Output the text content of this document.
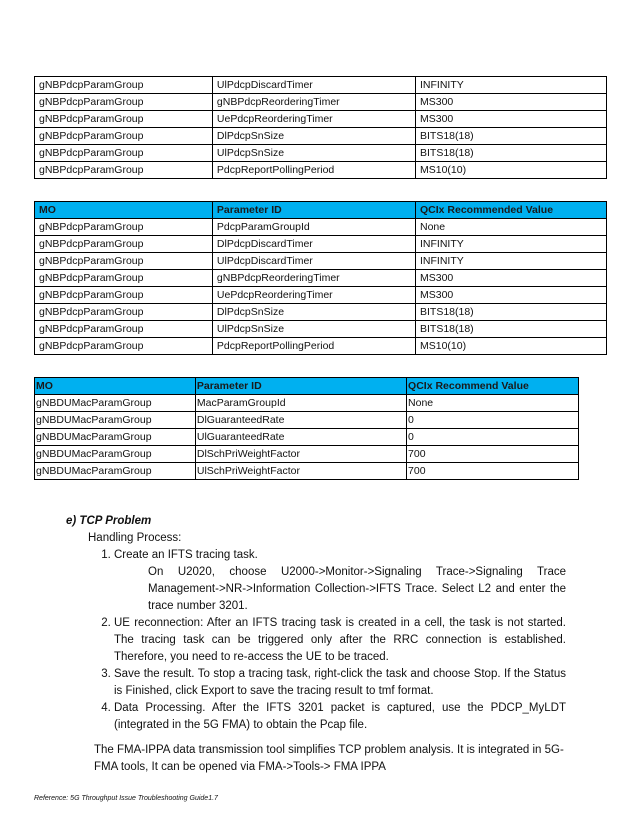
gNBPdcpParamGroup	UlPdcpDiscardTimer	INFINITY
gNBPdcpParamGroup	gNBPdcpReorderingTimer	MS300
gNBPdcpParamGroup	UePdcpReorderingTimer	MS300
gNBPdcpParamGroup	DlPdcpSnSize	BITS18(18)
gNBPdcpParamGroup	UlPdcpSnSize	BITS18(18)
gNBPdcpParamGroup	PdcpReportPollingPeriod	MS10(10)
MO	Parameter ID	QCIx Recommended Value
gNBPdcpParamGroup	PdcpParamGroupId	None
gNBPdcpParamGroup	DlPdcpDiscardTimer	INFINITY
gNBPdcpParamGroup	UlPdcpDiscardTimer	INFINITY
gNBPdcpParamGroup	gNBPdcpReorderingTimer	MS300
gNBPdcpParamGroup	UePdcpReorderingTimer	MS300
gNBPdcpParamGroup	DlPdcpSnSize	BITS18(18)
gNBPdcpParamGroup	UlPdcpSnSize	BITS18(18)
gNBPdcpParamGroup	PdcpReportPollingPeriod	MS10(10)
MO	Parameter ID	QCIx Recommend Value
gNBDUMacParamGroup	MacParamGroupId	None
gNBDUMacParamGroup	DlGuaranteedRate	0
gNBDUMacParamGroup	UlGuaranteedRate	0
gNBDUMacParamGroup	DlSchPriWeightFactor	700
gNBDUMacParamGroup	UlSchPriWeightFactor	700
e) TCP Problem
Handling Process:
1. Create an IFTS tracing task.
On U2020, choose U2000->Monitor->Signaling Trace->Signaling Trace Management->NR->Information Collection->IFTS Trace. Select L2 and enter the trace number 3201.
2. UE reconnection: After an IFTS tracing task is created in a cell, the task is not started. The tracing task can be triggered only after the RRC connection is established. Therefore, you need to re-access the UE to be traced.
3. Save the result. To stop a tracing task, right-click the task and choose Stop. If the Status is Finished, click Export to save the tracing result to tmf format.
4. Data Processing. After the IFTS 3201 packet is captured, use the PDCP_MyLDT (integrated in the 5G FMA) to obtain the Pcap file.
The FMA-IPPA data transmission tool simplifies TCP problem analysis. It is integrated in 5G-FMA tools, It can be opened via FMA->Tools-> FMA IPPA
Reference: 5G Throughput Issue Troubleshooting Guide1.7
